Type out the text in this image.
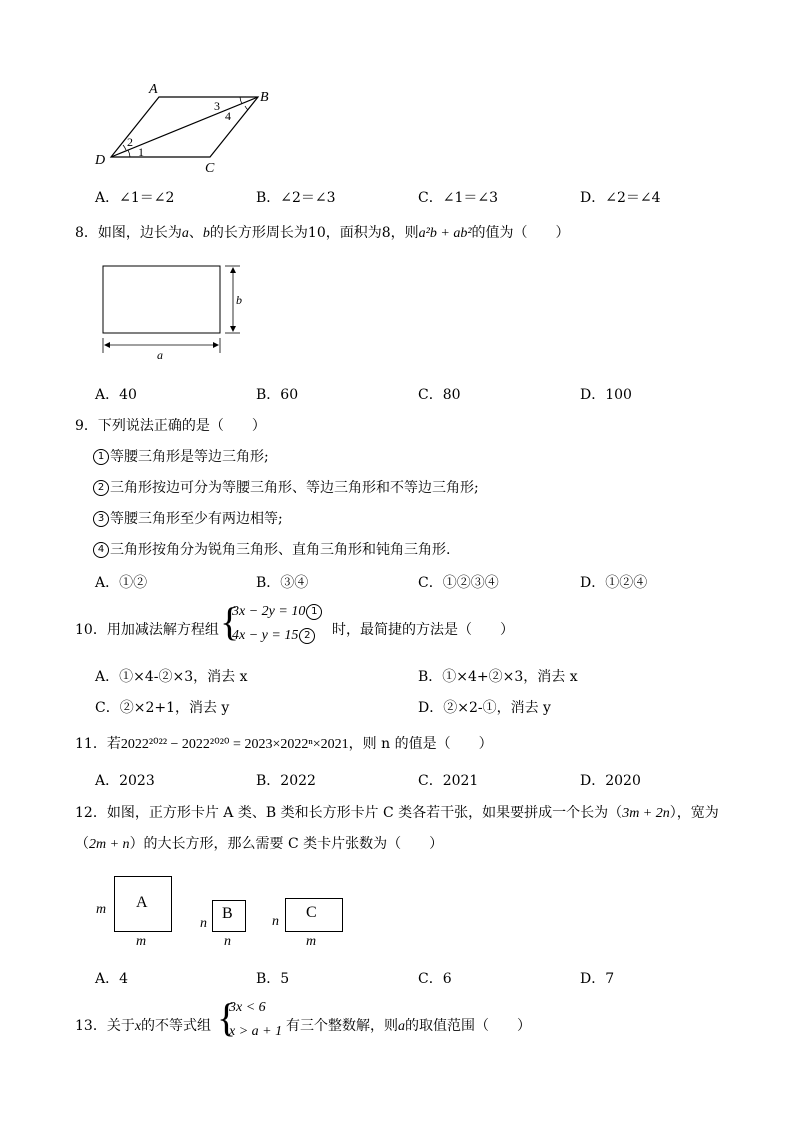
A
B
C
D
1
2
3
4
A．∠1＝∠2	B．∠2＝∠3	C．∠1＝∠3	D．∠2＝∠4
8．如图，边长为a、b的长方形周长为10，面积为8，则a²b + ab²的值为（　　）
b
a
A．40	B．60	C．80	D．100
9．下列说法正确的是（　　）
1 等腰三角形是等边三角形;
2 三角形按边可分为等腰三角形、等边三角形和不等边三角形;
3 等腰三角形至少有两边相等;
4 三角形按角分为锐角三角形、直角三角形和钝角三角形.
A．①②	B．③④	C．①②③④	D．①②④
10．用加减法解方程组 {
3x − 2y = 10 1
4x − y = 15 2	时，最简捷的方法是（　　）
A．①×4-②×3，消去 x	B．①×4+②×3，消去 x
C．②×2+1，消去 y	D．②×2-①，消去 y
11．若2022²⁰²² − 2022²⁰²⁰ = 2023×2022ⁿ×2021，则 n 的值是（　　）
A．2023	B．2022	C．2021	D．2020
12．如图，正方形卡片 A 类、B 类和长方形卡片 C 类各若干张，如果要拼成一个长为（3m + 2n），宽为
（2m + n）的大长方形，那么需要 C 类卡片张数为（　　）
m A
m
n
B
n
n
C
m
A．4	B．5	C．6	D．7
13．关于x的不等式组 {
3x < 6
x > a + 1 有三个整数解，则a的取值范围（　　）
